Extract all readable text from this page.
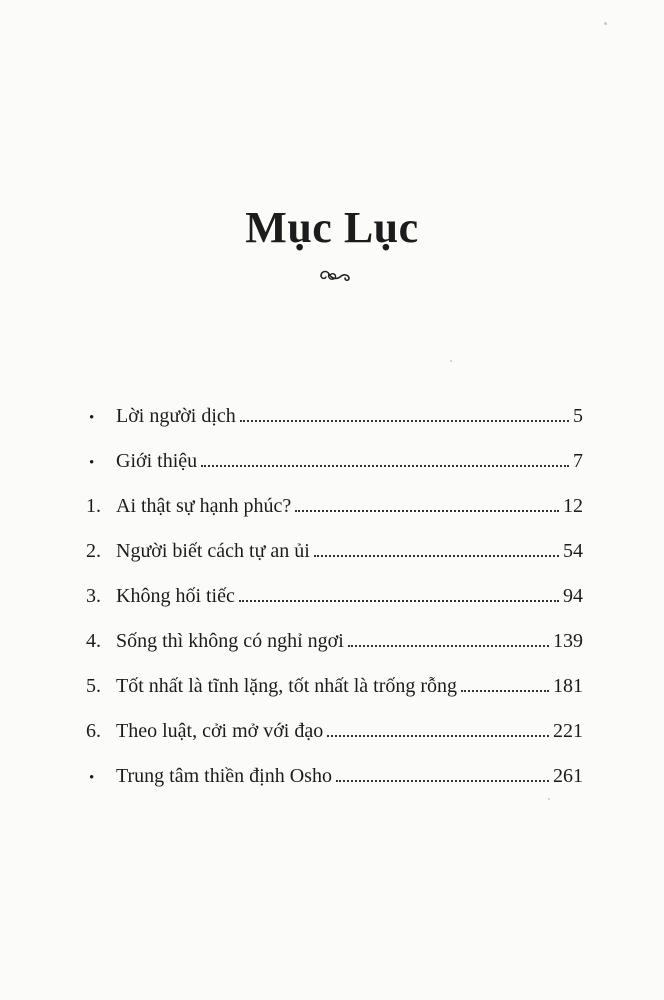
Mục Lục
•	Lời người dịch	5
•	Giới thiệu	7
1. Ai thật sự hạnh phúc?	12
2. Người biết cách tự an ủi	54
3. Không hối tiếc	94
4. Sống thì không có nghỉ ngơi	139
5. Tốt nhất là tĩnh lặng, tốt nhất là trống rỗng	181
6. Theo luật, cởi mở với đạo	221
•	Trung tâm thiền định Osho	261
